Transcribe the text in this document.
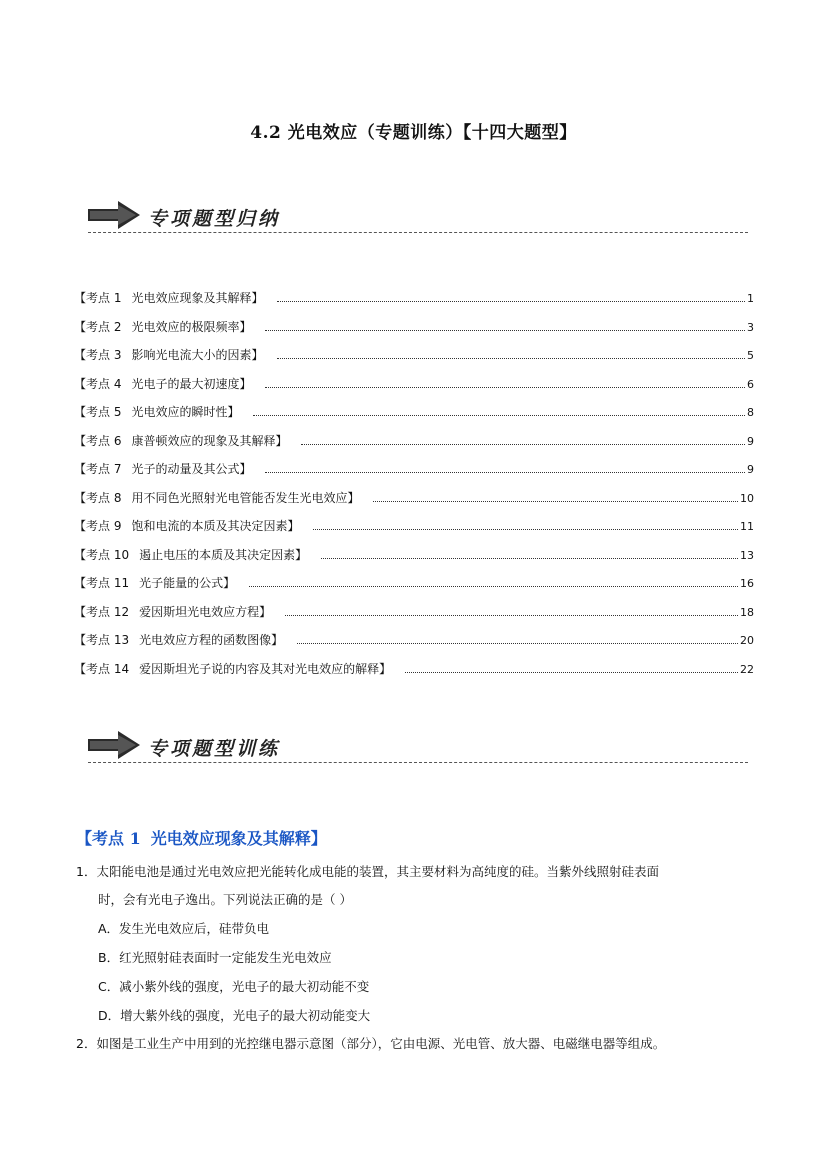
4.2 光电效应（专题训练）【十四大题型】
专项题型归纳
【考点 1 光电效应现象及其解释】	1
【考点 2 光电效应的极限频率】	3
【考点 3 影响光电流大小的因素】	5
【考点 4 光电子的最大初速度】	6
【考点 5 光电效应的瞬时性】	8
【考点 6 康普顿效应的现象及其解释】	9
【考点 7 光子的动量及其公式】	9
【考点 8 用不同色光照射光电管能否发生光电效应】	10
【考点 9 饱和电流的本质及其决定因素】	11
【考点 10 遏止电压的本质及其决定因素】	13
【考点 11 光子能量的公式】	16
【考点 12 爱因斯坦光电效应方程】	18
【考点 13 光电效应方程的函数图像】	20
【考点 14 爱因斯坦光子说的内容及其对光电效应的解释】	22
专项题型训练
【考点 1 光电效应现象及其解释】
1．太阳能电池是通过光电效应把光能转化成电能的装置，其主要材料为高纯度的硅。当紫外线照射硅表面
时，会有光电子逸出。下列说法正确的是（ ）
A．发生光电效应后，硅带负电
B．红光照射硅表面时一定能发生光电效应
C．减小紫外线的强度，光电子的最大初动能不变
D．增大紫外线的强度，光电子的最大初动能变大
2．如图是工业生产中用到的光控继电器示意图（部分），它由电源、光电管、放大器、电磁继电器等组成。
